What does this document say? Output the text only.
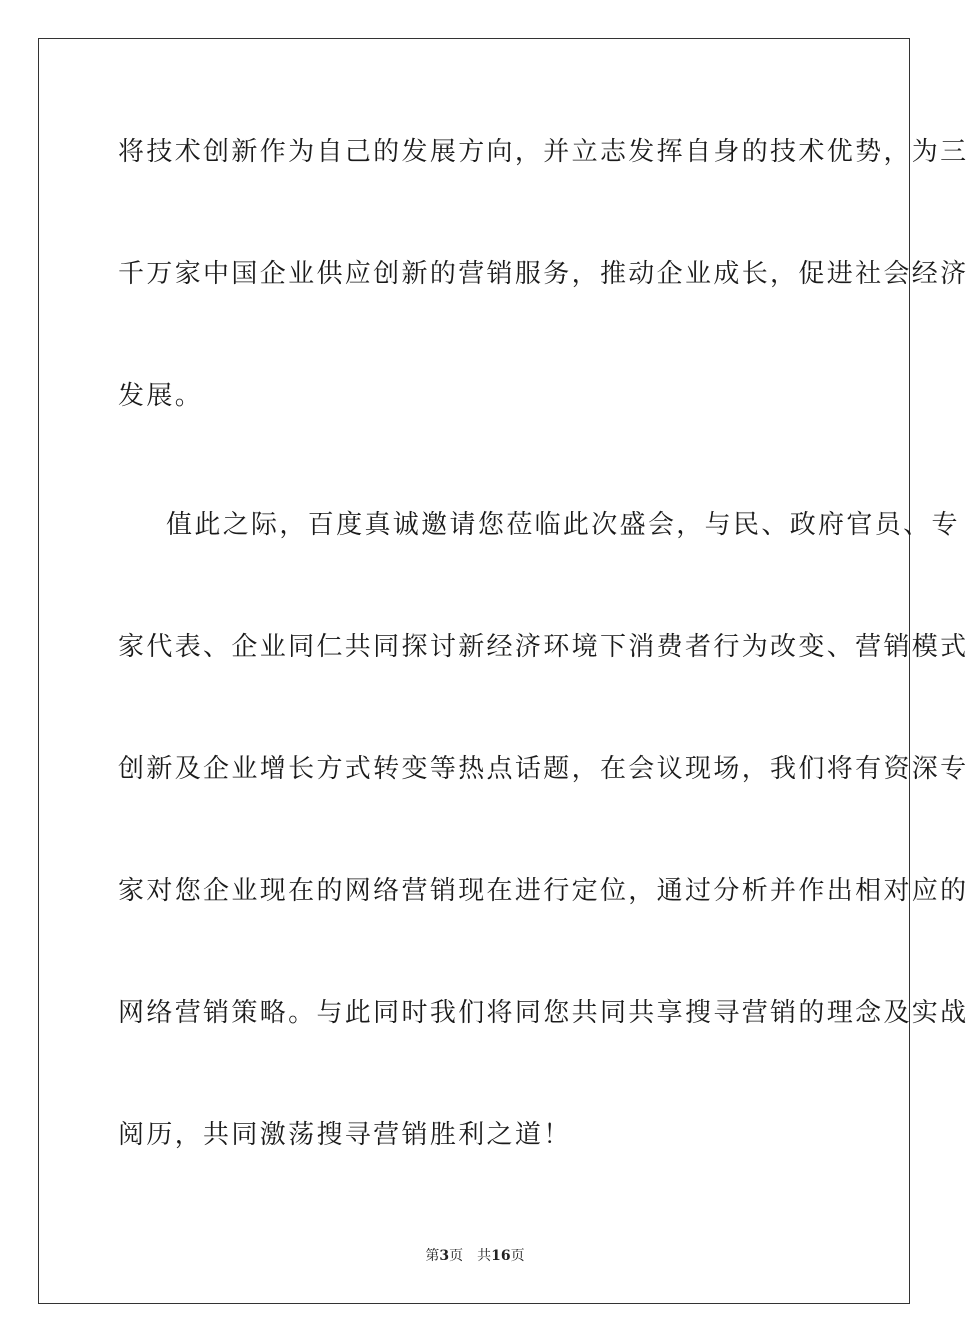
将技术创新作为自己的发展方向，并立志发挥自身的技术优势，为三
千万家中国企业供应创新的营销服务，推动企业成长，促进社会经济
发展。
值此之际，百度真诚邀请您莅临此次盛会，与民、政府官员、专
家代表、企业同仁共同探讨新经济环境下消费者行为改变、营销模式
创新及企业增长方式转变等热点话题，在会议现场，我们将有资深专
家对您企业现在的网络营销现在进行定位，通过分析并作出相对应的
网络营销策略。与此同时我们将同您共同共享搜寻营销的理念及实战
阅历，共同激荡搜寻营销胜利之道！
第3页 共16页
